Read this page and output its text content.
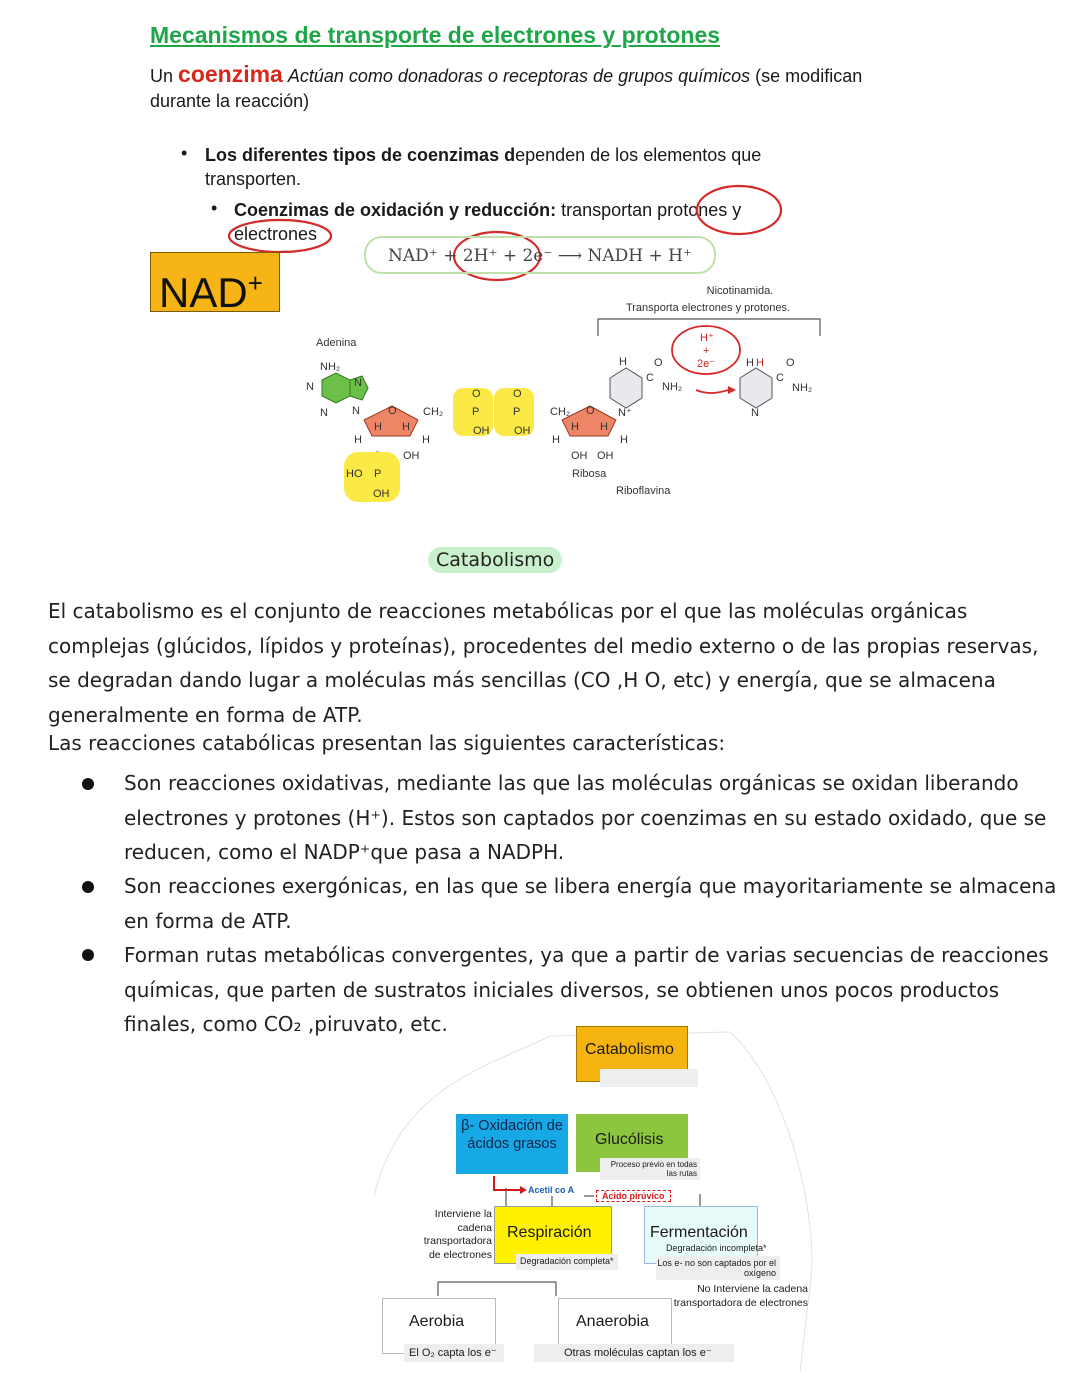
Mecanismos de transporte de electrones y protones
Un coenzima Actúan como donadoras o receptoras de grupos químicos (se modifican durante la reacción)
• Los diferentes tipos de coenzimas dependen de los elementos que transporten.
• Coenzimas de oxidación y reducción: transportan protones y
electrones
NAD+
NAD⁺ + 2H⁺ + 2e⁻ ⟶ NADH + H⁺
Nicotinamida.
Transporta electrones y protones.
Adenina
NH₂
N	N
N N	O
H H
H	H
OH
HO P
OH
CH₂
O
P
OH
O
P
OH
CH₂ O
H H
H	H
OH OH
Ribosa
Riboflavina
H
N⁺
C
O
NH₂
H⁺
+
2e⁻	H H
N
C
O
NH₂
Catabolismo
El catabolismo es el conjunto de reacciones metabólicas por el que las moléculas orgánicas complejas (glúcidos, lípidos y proteínas), procedentes del medio externo o de las propias reservas, se degradan dando lugar a moléculas más sencillas (CO ,H O, etc) y energía, que se almacena generalmente en forma de ATP.
Las reacciones catabólicas presentan las siguientes características:
Son reacciones oxidativas, mediante las que las moléculas orgánicas se oxidan liberando electrones y protones (H⁺). Estos son captados por coenzimas en su estado oxidado, que se reducen, como el NADP⁺que pasa a NADPH.
Son reacciones exergónicas, en las que se libera energía que mayoritariamente se almacena en forma de ATP.
Forman rutas metabólicas convergentes, ya que a partir de varias secuencias de reacciones químicas, que parten de sustratos iniciales diversos, se obtienen unos pocos productos finales, como CO₂ ,piruvato, etc.
Catabolismo
β- Oxidación de ácidos grasos	Glucólisis
Proceso previo en todas las rutas
Acetil co A
Ácido pirúvico
Interviene la cadena transportadora de electrones
Respiración
Degradación completa*
Fermentación
Degradación incompleta*
Los e- no son captados por el oxígeno
No Interviene la cadena transportadora de electrones
Aerobia
El O₂ capta los e⁻
Anaerobia
Otras moléculas captan los e⁻
